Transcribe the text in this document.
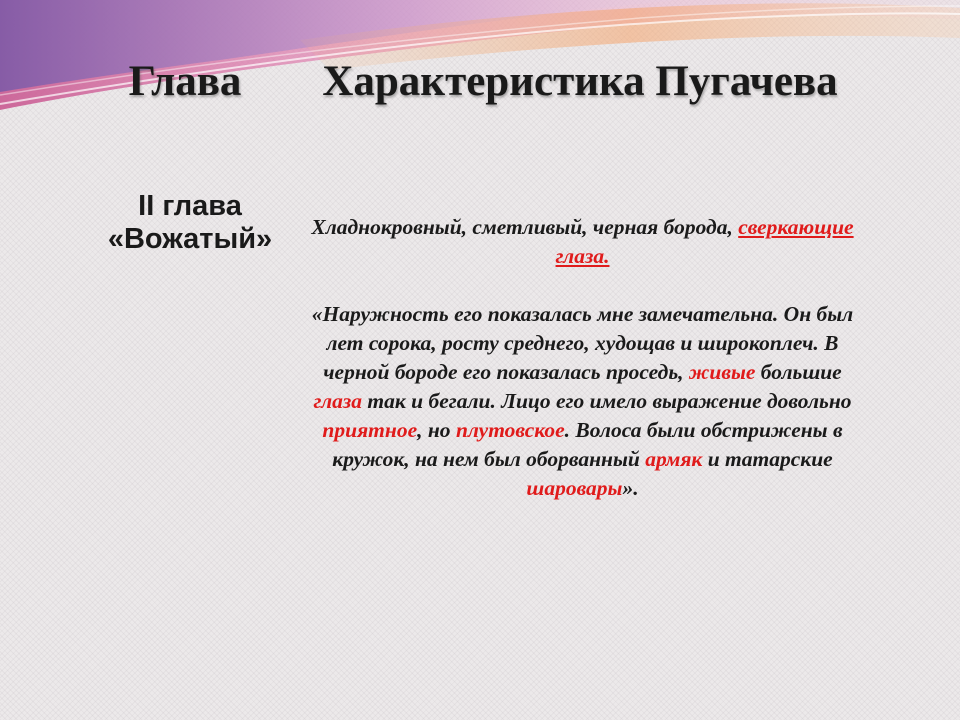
Глава	Характеристика Пугачева
II глава
«Вожатый»	Хладнокровный, сметливый, черная борода, сверкающие глаза.

«Наружность его показалась мне замечательна. Он был лет сорока, росту среднего, худощав и широкоплеч. В черной бороде его показалась проседь, живые большие глаза так и бегали. Лицо его имело выражение довольно приятное, но плутовское. Волоса были обстрижены в кружок, на нем был оборванный армяк и татарские шаровары».
